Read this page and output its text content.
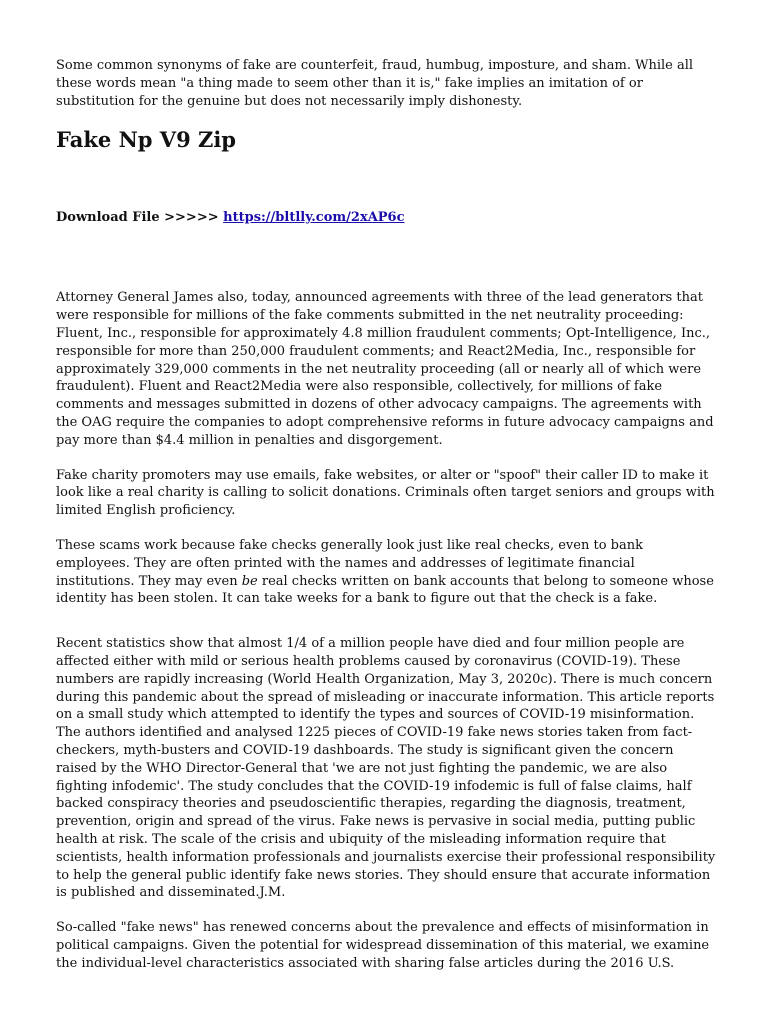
Some common synonyms of fake are counterfeit, fraud, humbug, imposture, and sham. While all these words mean "a thing made to seem other than it is," fake implies an imitation of or substitution for the genuine but does not necessarily imply dishonesty.

Fake Np V9 Zip
Download File >>>>> https://bltlly.com/2xAP6c

Attorney General James also, today, announced agreements with three of the lead generators that were responsible for millions of the fake comments submitted in the net neutrality proceeding: Fluent, Inc., responsible for approximately 4.8 million fraudulent comments; Opt-Intelligence, Inc., responsible for more than 250,000 fraudulent comments; and React2Media, Inc., responsible for approximately 329,000 comments in the net neutrality proceeding (all or nearly all of which were fraudulent). Fluent and React2Media were also responsible, collectively, for millions of fake comments and messages submitted in dozens of other advocacy campaigns. The agreements with the OAG require the companies to adopt comprehensive reforms in future advocacy campaigns and pay more than $4.4 million in penalties and disgorgement.

Fake charity promoters may use emails, fake websites, or alter or "spoof" their caller ID to make it look like a real charity is calling to solicit donations. Criminals often target seniors and groups with limited English proficiency.

These scams work because fake checks generally look just like real checks, even to bank employees. They are often printed with the names and addresses of legitimate financial institutions. They may even be real checks written on bank accounts that belong to someone whose identity has been stolen. It can take weeks for a bank to figure out that the check is a fake.

Recent statistics show that almost 1/4 of a million people have died and four million people are affected either with mild or serious health problems caused by coronavirus (COVID-19). These numbers are rapidly increasing (World Health Organization, May 3, 2020c). There is much concern during this pandemic about the spread of misleading or inaccurate information. This article reports on a small study which attempted to identify the types and sources of COVID-19 misinformation. The authors identified and analysed 1225 pieces of COVID-19 fake news stories taken from fact-checkers, myth-busters and COVID-19 dashboards. The study is significant given the concern raised by the WHO Director-General that 'we are not just fighting the pandemic, we are also fighting infodemic'. The study concludes that the COVID-19 infodemic is full of false claims, half backed conspiracy theories and pseudoscientific therapies, regarding the diagnosis, treatment, prevention, origin and spread of the virus. Fake news is pervasive in social media, putting public health at risk. The scale of the crisis and ubiquity of the misleading information require that scientists, health information professionals and journalists exercise their professional responsibility to help the general public identify fake news stories. They should ensure that accurate information is published and disseminated.J.M.

So-called "fake news" has renewed concerns about the prevalence and effects of misinformation in political campaigns. Given the potential for widespread dissemination of this material, we examine the individual-level characteristics associated with sharing false articles during the 2016 U.S.
